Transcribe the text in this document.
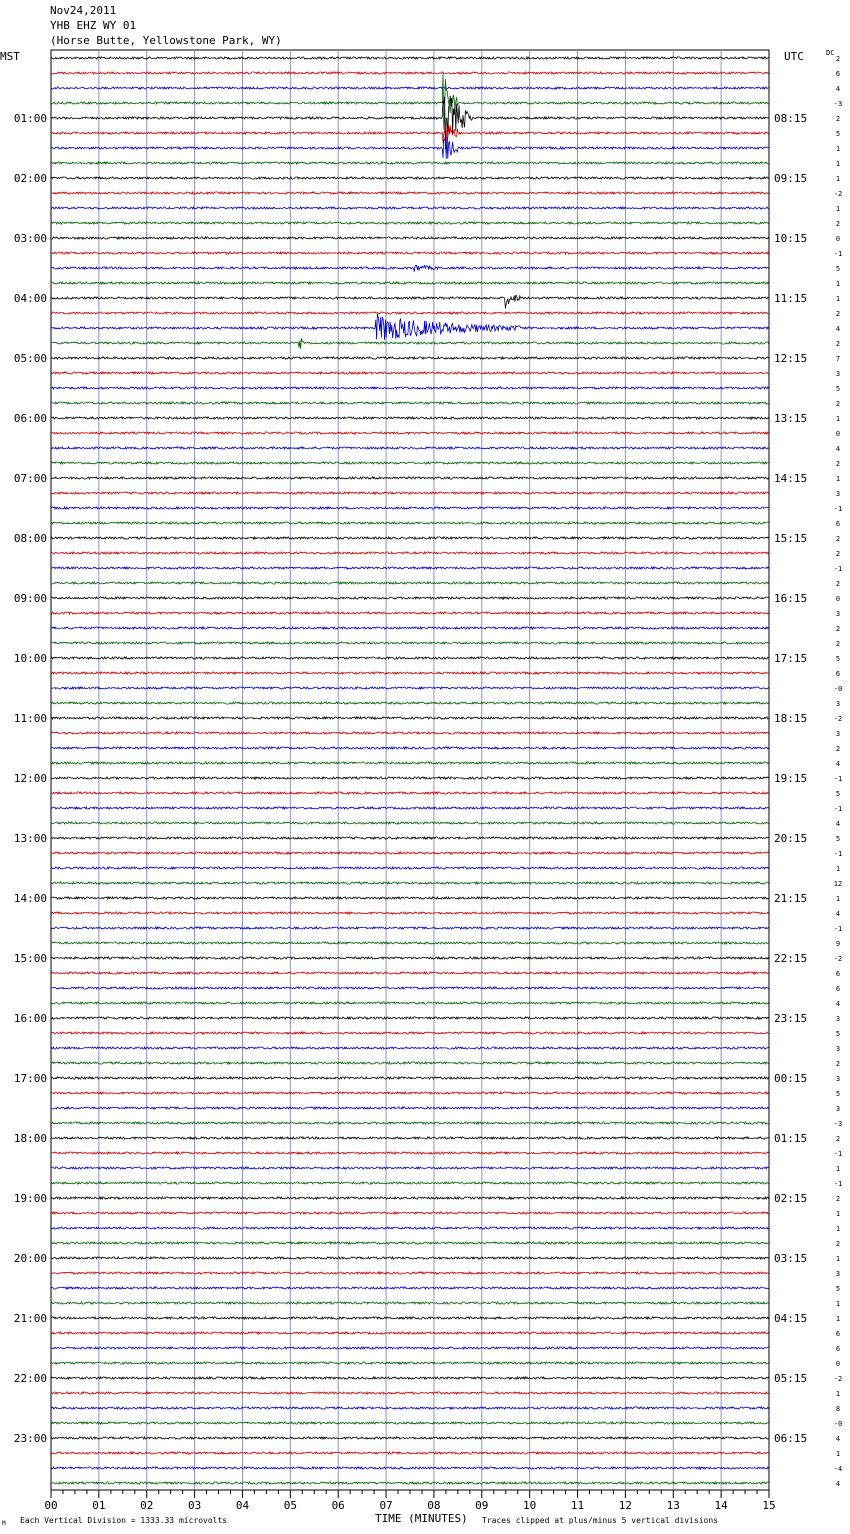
Nov24,2011
YHB EHZ WY 01
(Horse Butte, Yellowstone Park, WY)
2
6
4
-3
2
5
1
1
1
-2
1
2
0
-1
5
1
1
2
4
2
7
3
5
2
1
0
4
2
1
3
-1
6
2
2
-1
2
0
3
2
2
5
6
-0
3
-2
3
2
4
-1
5
-1
4
5
-1
1
12
1
4
-1
9
-2
6
6
4
3
5
3
2
3
5
3
-3
2
-1
1
-1
2
1
1
2
1
3
5
1
1
6
6
0
-2
1
8
-0
4
1
-4
4
01:00
02:00
03:00
04:00
05:00
06:00
07:00
08:00
09:00
10:00
11:00
12:00
13:00
14:00
15:00
16:00
17:00
18:00
19:00
20:00
21:00
22:00
23:00
08:15
09:15
10:15
11:15
12:15
13:15
14:15
15:15
16:15
17:15
18:15
19:15
20:15
21:15
22:15
23:15
00:15
01:15
02:15
03:15
04:15
05:15
06:15
00	01	02	03	04	05	06	07	08	09	10	11	12	13	14	15
MST	UTC	DC
TIME (MINUTES)
Each Vertical Division = 1333.33 microvolts	Traces clipped at plus/minus 5 vertical divisions
M
